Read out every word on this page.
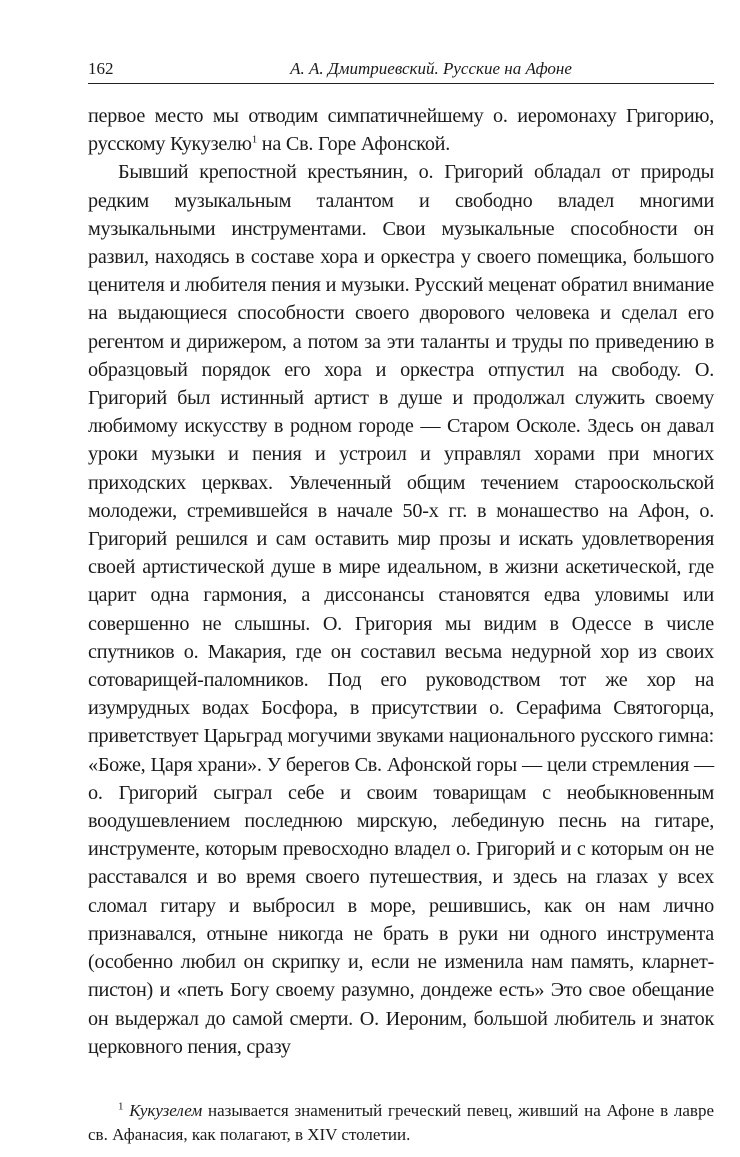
162	А. А. Дмитриевский. Русские на Афоне

первое место мы отводим симпатичнейшему о. иеромонаху Григорию, русскому Кукузелю$^1$ на Св. Горе Афонской.

Бывший крепостной крестьянин, о. Григорий обладал от природы редким музыкальным талантом и свободно владел многими музыкальными инструментами. Свои музыкальные способности он развил, находясь в составе хора и оркестра у своего помещика, большого ценителя и любителя пения и музыки. Русский меценат обратил внимание на выдающиеся способности своего дворового человека и сделал его регентом и дирижером, а потом за эти таланты и труды по приведению в образцовый порядок его хора и оркестра отпустил на свободу. О. Григорий был истинный артист в душе и продолжал служить своему любимому искусству в родном городе — Старом Осколе. Здесь он давал уроки музыки и пения и устроил и управлял хорами при многих приходских церквах. Увлеченный общим течением старооскольской молодежи, стремившейся в начале 50-х гг. в монашество на Афон, о. Григорий решился и сам оставить мир прозы и искать удовлетворения своей артистической душе в мире идеальном, в жизни аскетической, где царит одна гармония, а диссонансы становятся едва уловимы или совершенно не слышны. О. Григория мы видим в Одессе в числе спутников о. Макария, где он составил весьма недурной хор из своих сотоварищей-паломников. Под его руководством тот же хор на изумрудных водах Босфора, в присутствии о. Серафима Святогорца, приветствует Царьград могучими звуками национального русского гимна: «Боже, Царя храни». У берегов Св. Афонской горы — цели стремления — о. Григорий сыграл себе и своим товарищам с необыкновенным воодушевлением последнюю мирскую, лебединую песнь на гитаре, инструменте, которым превосходно владел о. Григорий и с которым он не расставался и во время своего путешествия, и здесь на глазах у всех сломал гитару и выбросил в море, решившись, как он нам лично признавался, отныне никогда не брать в руки ни одного инструмента (особенно любил он скрипку и, если не изменила нам память, кларнет-пистон) и «петь Богу своему разумно, дондеже есть» Это свое обещание он выдержал до самой смерти. О. Иероним, большой любитель и знаток церковного пения, сразу

$^1$ Кукузелем называется знаменитый греческий певец, живший на Афоне в лавре св. Афанасия, как полагают, в XIV столетии.
